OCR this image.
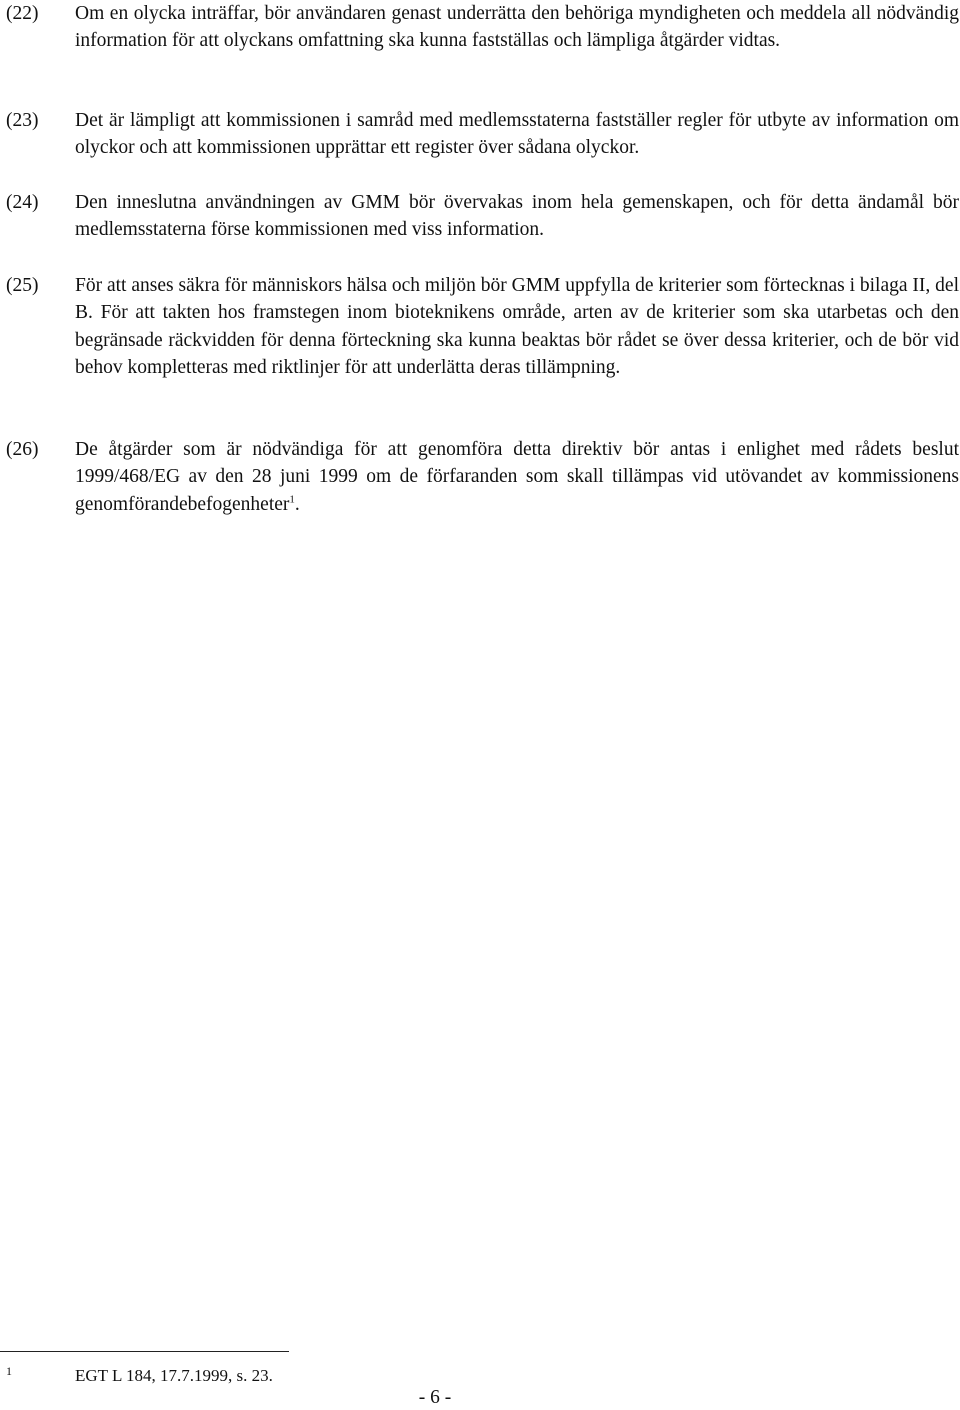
(22) Om en olycka inträffar, bör användaren genast underrätta den behöriga myndigheten och meddela all nödvändig information för att olyckans omfattning ska kunna fastställas och lämpliga åtgärder vidtas.

(23) Det är lämpligt att kommissionen i samråd med medlemsstaterna fastställer regler för utbyte av information om olyckor och att kommissionen upprättar ett register över sådana olyckor.

(24) Den inneslutna användningen av GMM bör övervakas inom hela gemenskapen, och för detta ändamål bör medlemsstaterna förse kommissionen med viss information.

(25) För att anses säkra för människors hälsa och miljön bör GMM uppfylla de kriterier som förtecknas i bilaga II, del B. För att takten hos framstegen inom bioteknikens område, arten av de kriterier som ska utarbetas och den begränsade räckvidden för denna förteckning ska kunna beaktas bör rådet se över dessa kriterier, och de bör vid behov kompletteras med riktlinjer för att underlätta deras tillämpning.

(26) De åtgärder som är nödvändiga för att genomföra detta direktiv bör antas i enlighet med rådets beslut 1999/468/EG av den 28 juni 1999 om de förfaranden som skall tillämpas vid utövandet av kommissionens genomförandebefogenheter$^1$.

1	EGT L 184, 17.7.1999, s. 23.
- 6 -
